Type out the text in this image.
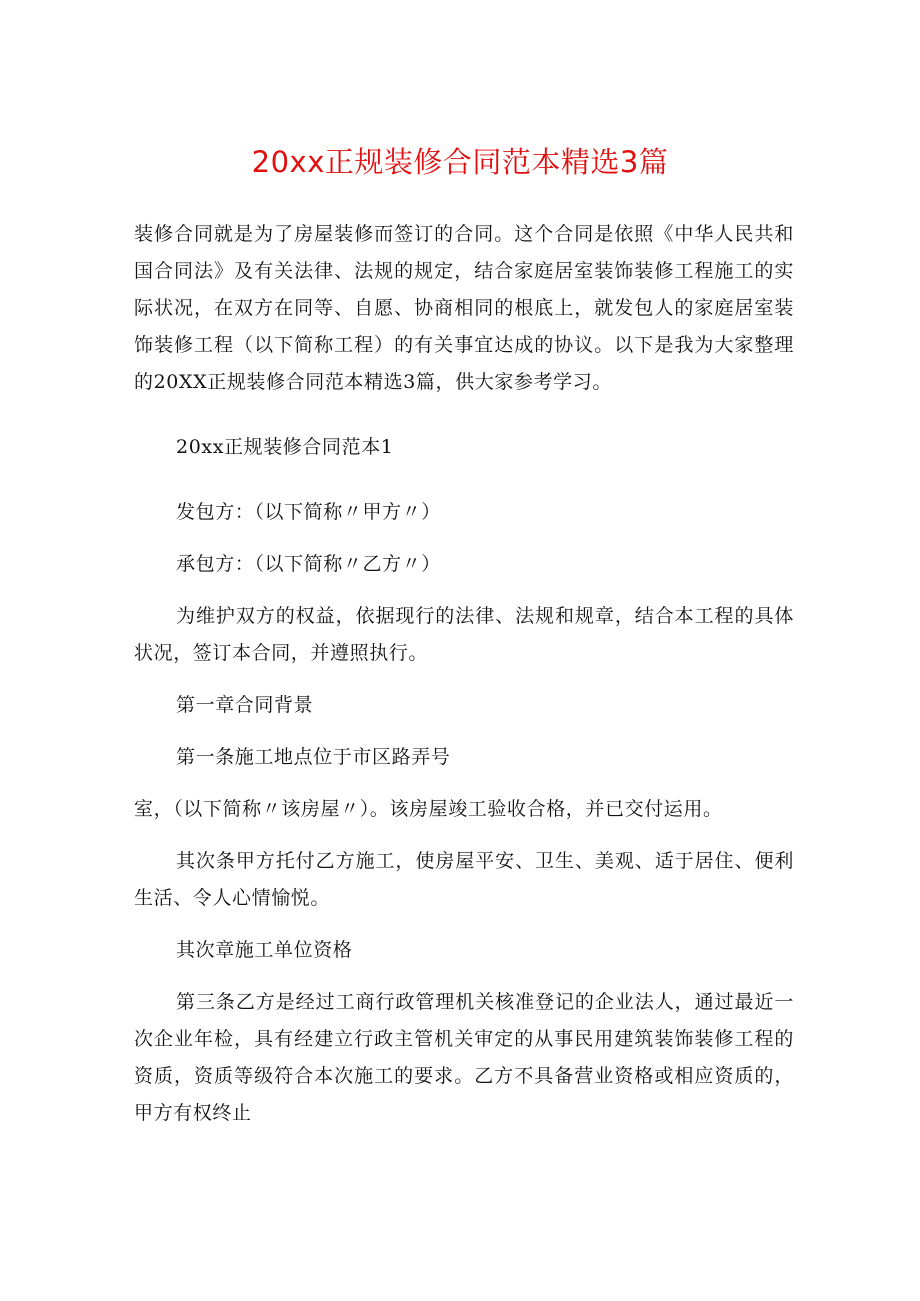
20xx正规装修合同范本精选3篇

装修合同就是为了房屋装修而签订的合同。这个合同是依照《中华人民共和国合同法》及有关法律、法规的规定，结合家庭居室装饰装修工程施工的实际状况，在双方在同等、自愿、协商相同的根底上，就发包人的家庭居室装饰装修工程（以下简称工程）的有关事宜达成的协议。以下是我为大家整理的20XX正规装修合同范本精选3篇，供大家参考学习。

20xx正规装修合同范本1

发包方：（以下简称〃甲方〃）

承包方：（以下简称〃乙方〃）

为维护双方的权益，依据现行的法律、法规和规章，结合本工程的具体状况，签订本合同，并遵照执行。

第一章合同背景

第一条施工地点位于市区路弄号

室，（以下简称〃该房屋〃）。该房屋竣工验收合格，并已交付运用。

其次条甲方托付乙方施工，使房屋平安、卫生、美观、适于居住、便利生活、令人心情愉悦。

其次章施工单位资格

第三条乙方是经过工商行政管理机关核准登记的企业法人，通过最近一次企业年检，具有经建立行政主管机关审定的从事民用建筑装饰装修工程的资质，资质等级符合本次施工的要求。乙方不具备营业资格或相应资质的，甲方有权终止
